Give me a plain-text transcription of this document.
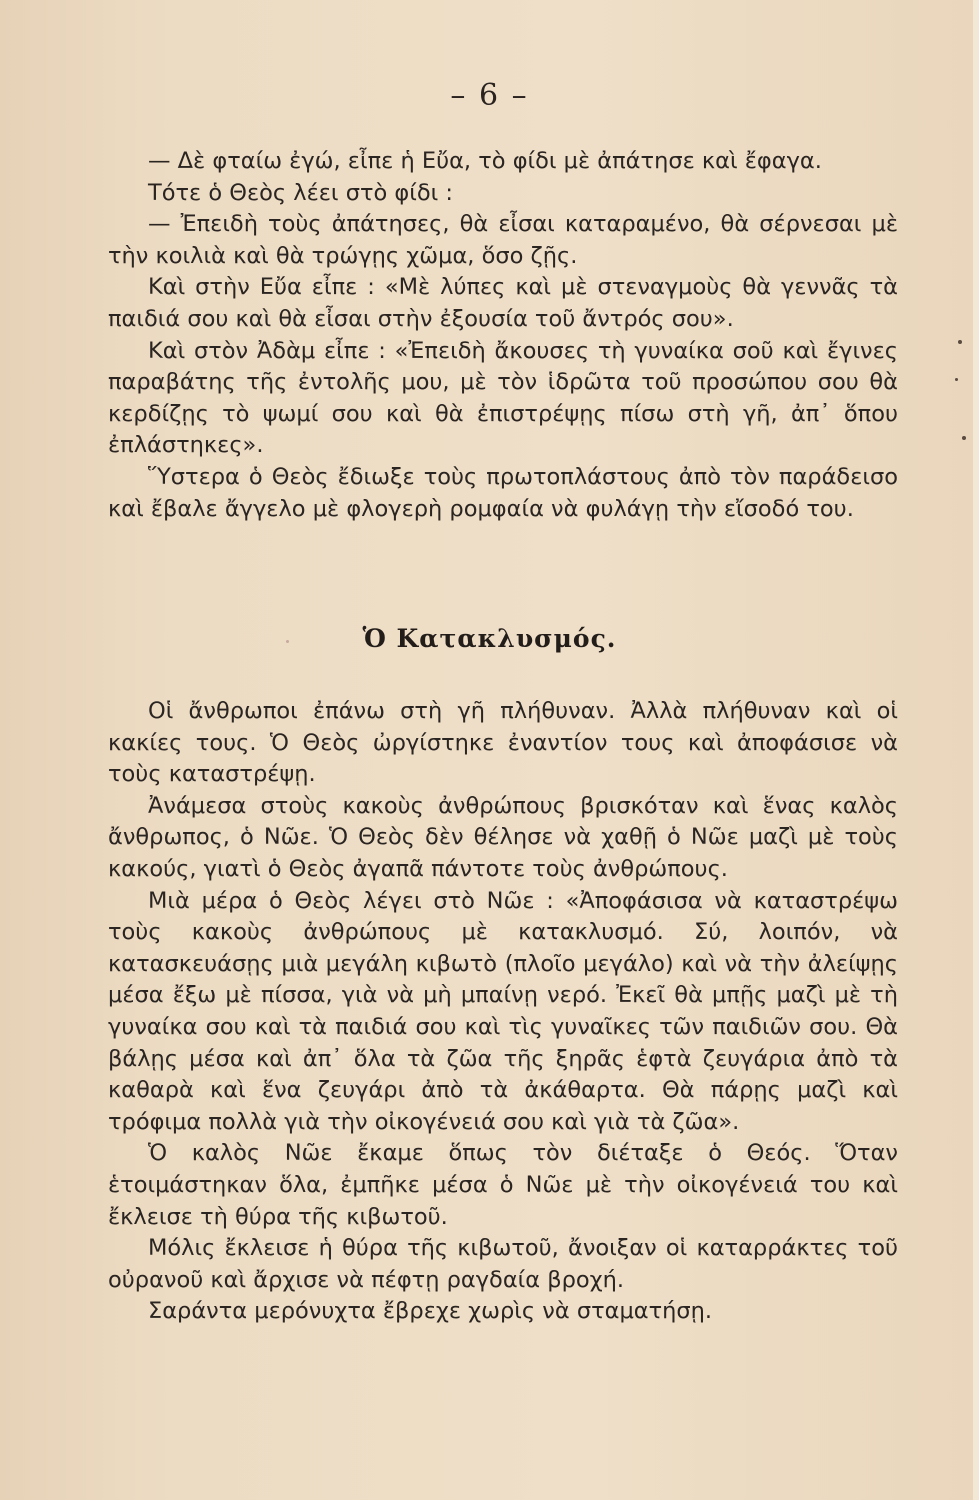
– 6 –

— Δὲ φταίω ἐγώ, εἶπε ἡ Εὔα, τὸ φίδι μὲ ἀπάτησε καὶ ἔφαγα.

Τότε ὁ Θεὸς λέει στὸ φίδι :

— Ἐπειδὴ τοὺς ἀπάτησες, θὰ εἶσαι καταραμένο, θὰ σέρνεσαι μὲ τὴν κοιλιὰ καὶ θὰ τρώγῃς χῶμα, ὅσο ζῇς.

Καὶ στὴν Εὔα εἶπε : «Μὲ λύπες καὶ μὲ στεναγμοὺς θὰ γεννᾶς τὰ παιδιά σου καὶ θὰ εἶσαι στὴν ἐξουσία τοῦ ἄντρός σου».

Καὶ στὸν Ἀδὰμ εἶπε : «Ἐπειδὴ ἄκουσες τὴ γυναίκα σοῦ καὶ ἔγινες παραβάτης τῆς ἐντολῆς μου, μὲ τὸν ἱδρῶτα τοῦ προσώπου σου θὰ κερδίζῃς τὸ ψωμί σου καὶ θὰ ἐπιστρέψῃς πίσω στὴ γῆ, ἀπ᾿ ὅπου ἐπλάστηκες».

Ὕστερα ὁ Θεὸς ἔδιωξε τοὺς πρωτοπλάστους ἀπὸ τὸν παράδεισο καὶ ἔβαλε ἄγγελο μὲ φλογερὴ ρομφαία νὰ φυλάγῃ τὴν εἴσοδό του.

Ὁ Κατακλυσμός.

Οἱ ἄνθρωποι ἐπάνω στὴ γῆ πλήθυναν. Ἀλλὰ πλήθυναν καὶ οἱ κακίες τους. Ὁ Θεὸς ὠργίστηκε ἐναντίον τους καὶ ἀποφάσισε νὰ τοὺς καταστρέψῃ.

Ἀνάμεσα στοὺς κακοὺς ἀνθρώπους βρισκόταν καὶ ἕνας καλὸς ἄνθρωπος, ὁ Νῶε. Ὁ Θεὸς δὲν θέλησε νὰ χαθῇ ὁ Νῶε μαζὶ μὲ τοὺς κακούς, γιατὶ ὁ Θεὸς ἀγαπᾶ πάντοτε τοὺς ἀνθρώπους.

Μιὰ μέρα ὁ Θεὸς λέγει στὸ Νῶε : «Ἀποφάσισα νὰ καταστρέψω τοὺς κακοὺς ἀνθρώπους μὲ κατακλυσμό. Σύ, λοιπόν, νὰ κατασκευάσῃς μιὰ μεγάλη κιβωτὸ (πλοῖο μεγάλο) καὶ νὰ τὴν ἀλείψῃς μέσα ἔξω μὲ πίσσα, γιὰ νὰ μὴ μπαίνῃ νερό. Ἐκεῖ θὰ μπῇς μαζὶ μὲ τὴ γυναίκα σου καὶ τὰ παιδιά σου καὶ τὶς γυναῖκες τῶν παιδιῶν σου. Θὰ βάλῃς μέσα καὶ ἀπ᾿ ὅλα τὰ ζῶα τῆς ξηρᾶς ἑφτὰ ζευγάρια ἀπὸ τὰ καθαρὰ καὶ ἕνα ζευγάρι ἀπὸ τὰ ἀκάθαρτα. Θὰ πάρῃς μαζὶ καὶ τρόφιμα πολλὰ γιὰ τὴν οἰκογένειά σου καὶ γιὰ τὰ ζῶα».

Ὁ καλὸς Νῶε ἔκαμε ὅπως τὸν διέταξε ὁ Θεός. Ὅταν ἑτοιμάστηκαν ὅλα, ἐμπῆκε μέσα ὁ Νῶε μὲ τὴν οἰκογένειά του καὶ ἔκλεισε τὴ θύρα τῆς κιβωτοῦ.

Μόλις ἔκλεισε ἡ θύρα τῆς κιβωτοῦ, ἄνοιξαν οἱ καταρράκτες τοῦ οὐρανοῦ καὶ ἄρχισε νὰ πέφτῃ ραγδαία βροχή.

Σαράντα μερόνυχτα ἔβρεχε χωρὶς νὰ σταματήσῃ.
